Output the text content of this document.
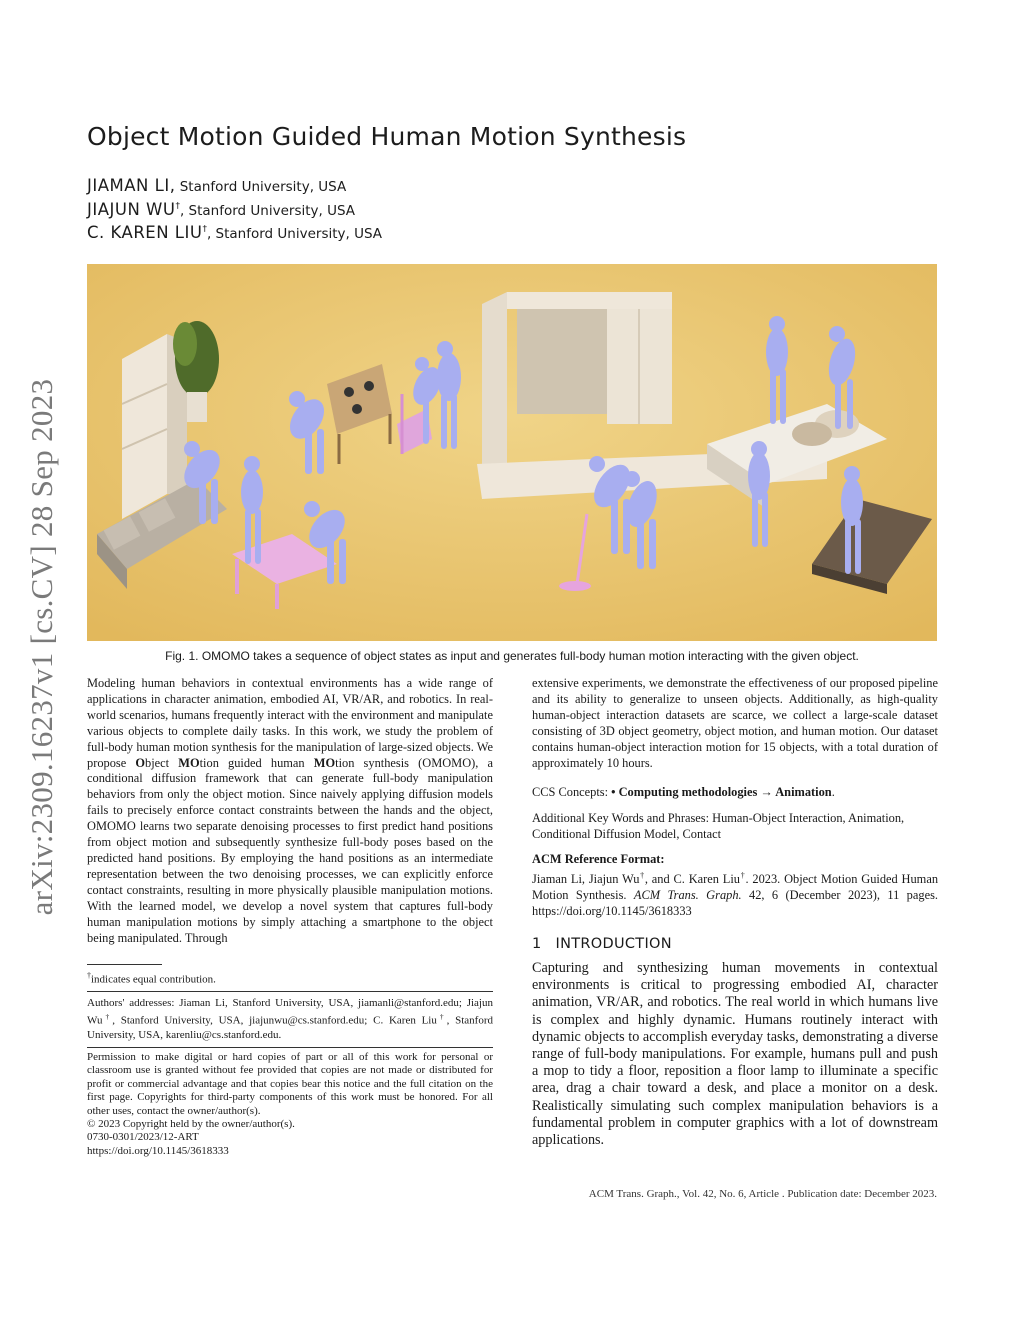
arXiv:2309.16237v1 [cs.CV] 28 Sep 2023
Object Motion Guided Human Motion Synthesis
JIAMAN LI, Stanford University, USA
JIAJUN WU†, Stanford University, USA
C. KAREN LIU†, Stanford University, USA
Fig. 1. OMOMO takes a sequence of object states as input and generates full-body human motion interacting with the given object.
Modeling human behaviors in contextual environments has a wide range of applications in character animation, embodied AI, VR/AR, and robotics. In real-world scenarios, humans frequently interact with the environment and manipulate various objects to complete daily tasks. In this work, we study the problem of full-body human motion synthesis for the manipulation of large-sized objects. We propose Object MOtion guided human MOtion synthesis (OMOMO), a conditional diffusion framework that can generate full-body manipulation behaviors from only the object motion. Since naively applying diffusion models fails to precisely enforce contact constraints between the hands and the object, OMOMO learns two separate denoising processes to first predict hand positions from object motion and subsequently synthesize full-body poses based on the predicted hand positions. By employing the hand positions as an intermediate representation between the two denoising processes, we can explicitly enforce contact constraints, resulting in more physically plausible manipulation motions. With the learned model, we develop a novel system that captures full-body human manipulation motions by simply attaching a smartphone to the object being manipulated. Through

extensive experiments, we demonstrate the effectiveness of our proposed pipeline and its ability to generalize to unseen objects. Additionally, as high-quality human-object interaction datasets are scarce, we collect a large-scale dataset consisting of 3D object geometry, object motion, and human motion. Our dataset contains human-object interaction motion for 15 objects, with a total duration of approximately 10 hours.

CCS Concepts: • Computing methodologies → Animation.
Additional Key Words and Phrases: Human-Object Interaction, Animation, Conditional Diffusion Model, Contact
ACM Reference Format:
Jiaman Li, Jiajun Wu†, and C. Karen Liu†. 2023. Object Motion Guided Human Motion Synthesis. ACM Trans. Graph. 42, 6 (December 2023), 11 pages. https://doi.org/10.1145/3618333
1 INTRODUCTION
Capturing and synthesizing human movements in contextual environments is critical to progressing embodied AI, character animation, VR/AR, and robotics. The real world in which humans live is complex and highly dynamic. Humans routinely interact with dynamic objects to accomplish everyday tasks, demonstrating a diverse range of full-body manipulations. For example, humans pull and push a mop to tidy a floor, reposition a floor lamp to illuminate a specific area, drag a chair toward a desk, and place a monitor on a desk. Realistically simulating such complex manipulation behaviors is a fundamental problem in computer graphics with a lot of downstream applications.
†indicates equal contribution.
Authors' addresses: Jiaman Li, Stanford University, USA, jiamanli@stanford.edu; Jiajun Wu†, Stanford University, USA, jiajunwu@cs.stanford.edu; C. Karen Liu†, Stanford University, USA, karenliu@cs.stanford.edu.
Permission to make digital or hard copies of part or all of this work for personal or classroom use is granted without fee provided that copies are not made or distributed for profit or commercial advantage and that copies bear this notice and the full citation on the first page. Copyrights for third-party components of this work must be honored. For all other uses, contact the owner/author(s).
© 2023 Copyright held by the owner/author(s).
0730-0301/2023/12-ART
https://doi.org/10.1145/3618333
ACM Trans. Graph., Vol. 42, No. 6, Article . Publication date: December 2023.
